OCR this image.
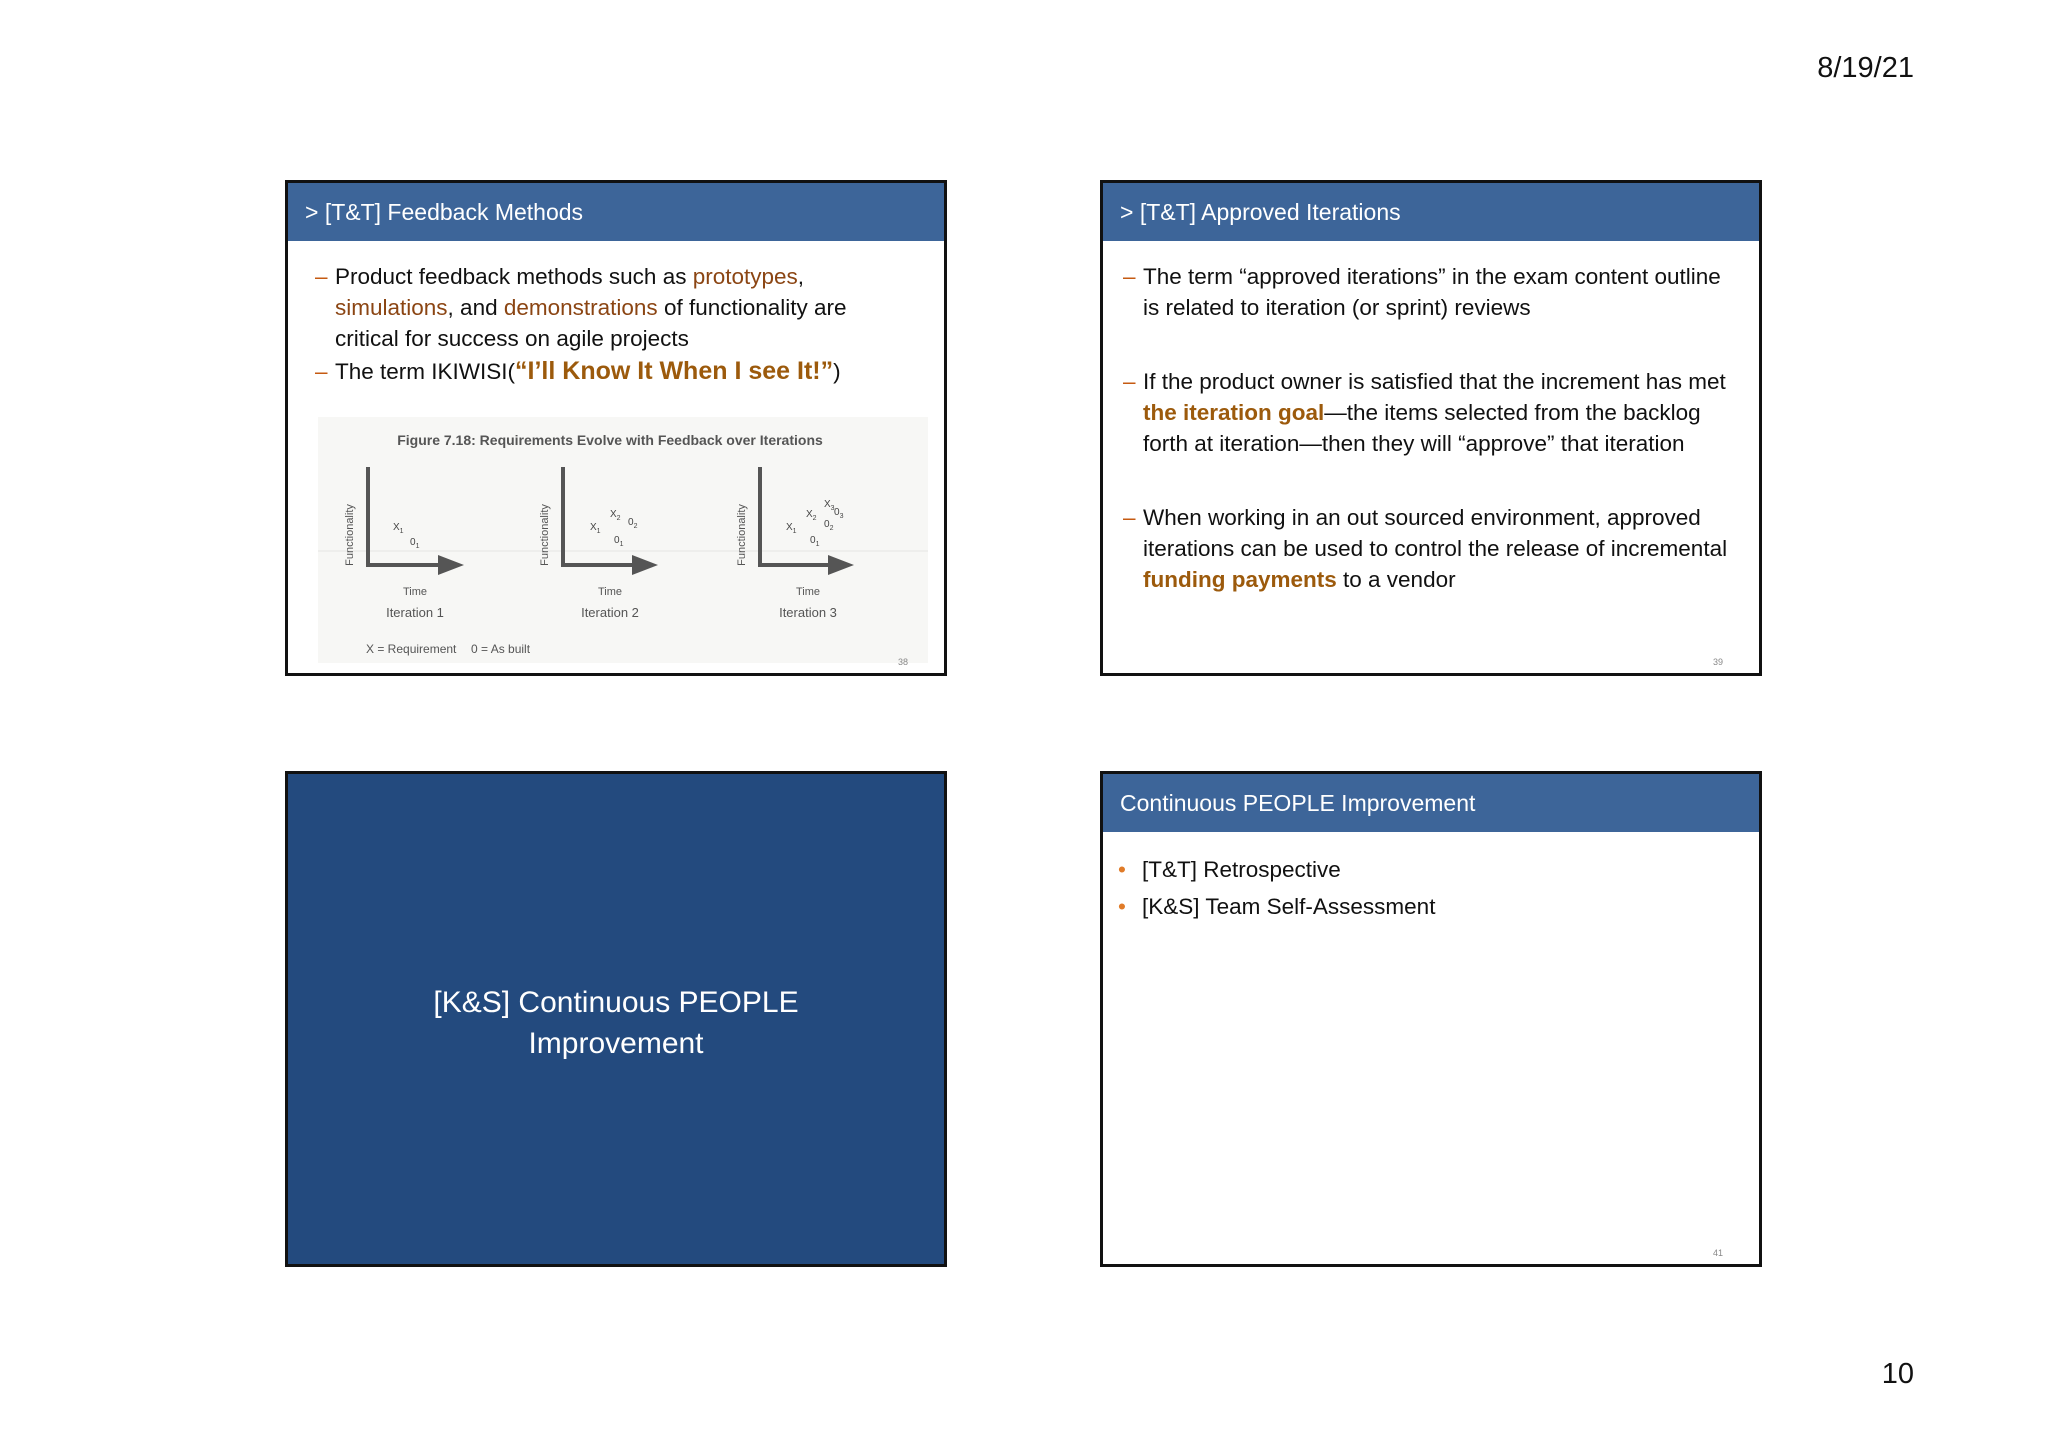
8/19/21
> [T&T] Feedback Methods
– Product feedback methods such as prototypes, simulations, and demonstrations of functionality are critical for success on agile projects
– The term IKIWISI(“I’ll Know It When I see It!”)
Figure 7.18: Requirements Evolve with Feedback over Iterations
Functionality	$X_1$
$0_1$
Time
Iteration 1
Functionality	$X_1$
$X_2$ $0_2$
$0_1$
Time
Iteration 2
Functionality	$X_1$
$X_2$
$X_3$ $0_3$
$0_2$
$0_1$
Time
Iteration 3
X = Requirement 0 = As built
38
> [T&T] Approved Iterations
– The term “approved iterations” in the exam content outline is related to iteration (or sprint) reviews
– If the product owner is satisfied that the increment has met the iteration goal—the items selected from the backlog forth at iteration—then they will “approve” that iteration
– When working in an out sourced environment, approved iterations can be used to control the release of incremental funding payments to a vendor
39
[K&S] Continuous PEOPLE
Improvement
Continuous PEOPLE Improvement
• [T&T] Retrospective
• [K&S] Team Self-Assessment
41
10
